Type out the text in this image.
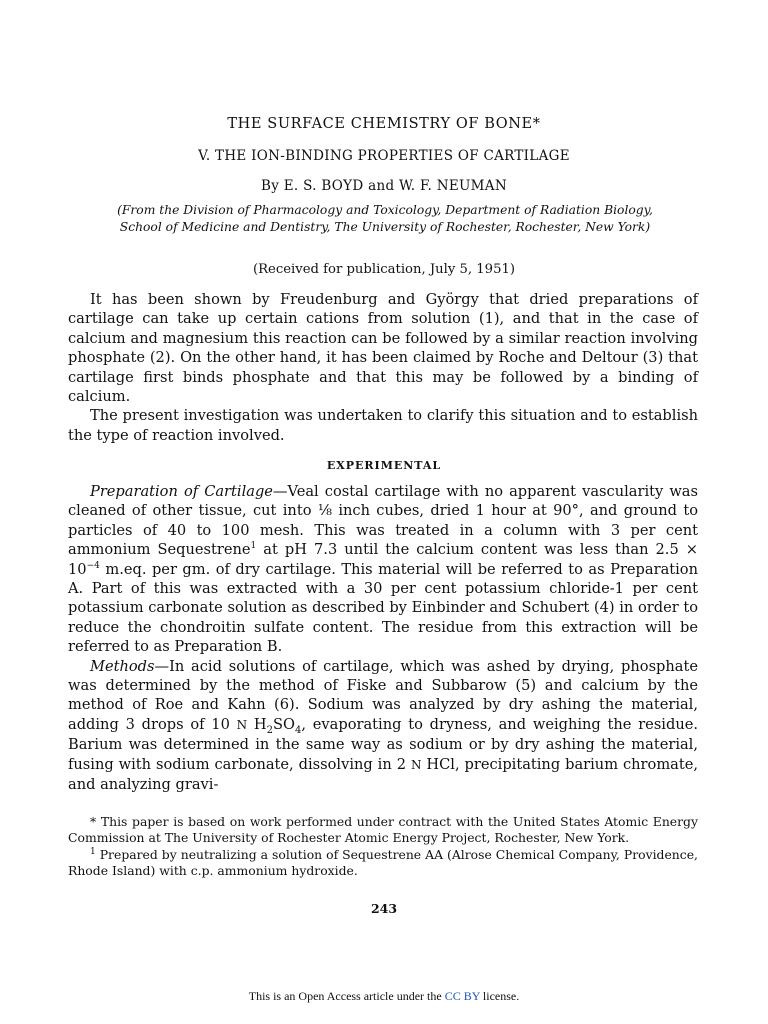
THE SURFACE CHEMISTRY OF BONE*
V. THE ION-BINDING PROPERTIES OF CARTILAGE
By E. S. BOYD and W. F. NEUMAN
(From the Division of Pharmacology and Toxicology, Department of Radiation Biology, School of Medicine and Dentistry, The University of Rochester, Rochester, New York)
(Received for publication, July 5, 1951)

It has been shown by Freudenburg and György that dried preparations of cartilage can take up certain cations from solution (1), and that in the case of calcium and magnesium this reaction can be followed by a similar reaction involving phosphate (2). On the other hand, it has been claimed by Roche and Deltour (3) that cartilage first binds phosphate and that this may be followed by a binding of calcium.

The present investigation was undertaken to clarify this situation and to establish the type of reaction involved.

EXPERIMENTAL

Preparation of Cartilage—Veal costal cartilage with no apparent vascularity was cleaned of other tissue, cut into ⅛ inch cubes, dried 1 hour at 90°, and ground to particles of 40 to 100 mesh. This was treated in a column with 3 per cent ammonium Sequestrene$^1$ at pH 7.3 until the calcium content was less than $2.5 \times 10^{-4}$ m.eq. per gm. of dry cartilage. This material will be referred to as Preparation A. Part of this was extracted with a 30 per cent potassium chloride-1 per cent potassium carbonate solution as described by Einbinder and Schubert (4) in order to reduce the chondroitin sulfate content. The residue from this extraction will be referred to as Preparation B.

Methods—In acid solutions of cartilage, which was ashed by drying, phosphate was determined by the method of Fiske and Subbarow (5) and calcium by the method of Roe and Kahn (6). Sodium was analyzed by dry ashing the material, adding 3 drops of 10 N $H_2SO_4$, evaporating to dryness, and weighing the residue. Barium was determined in the same way as sodium or by dry ashing the material, fusing with sodium carbonate, dissolving in 2 N HCl, precipitating barium chromate, and analyzing gravi-

* This paper is based on work performed under contract with the United States Atomic Energy Commission at The University of Rochester Atomic Energy Project, Rochester, New York.

$^1$ Prepared by neutralizing a solution of Sequestrene AA (Alrose Chemical Company, Providence, Rhode Island) with c.p. ammonium hydroxide.

243
This is an Open Access article under the CC BY license.
